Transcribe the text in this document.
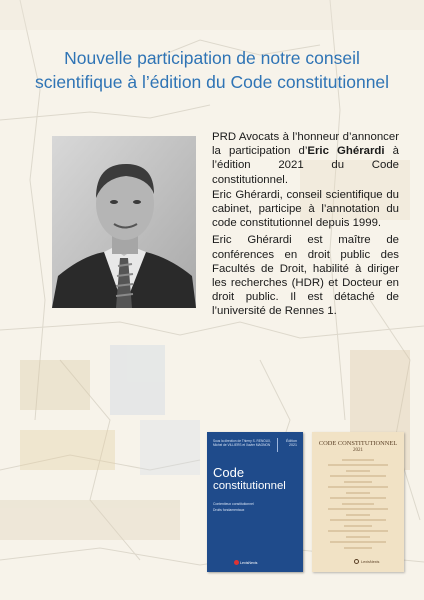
Nouvelle participation de notre conseil
scientifique à l’édition du Code constitutionnel

PRD Avocats à l’honneur d’annoncer la participation d’Eric Ghérardi à l’édition 2021 du Code constitutionnel.

Eric Ghérardi, conseil scientifique du cabinet, participe à l’annotation du code constitutionnel depuis 1999.

Eric Ghérardi est maître de conférences en droit public des Facultés de Droit, habilité à diriger les recherches (HDR) et Docteur en droit public. Il est détaché de l’université de Rennes 1.

Sous la direction de Thierry S. RENOUX, Michel de VILLIERS et Xavier MAGNON
Édition 2021
Code
constitutionnel
Contentieux constitutionnel
Droits fondamentaux
LexisNexis
CODE CONSTITUTIONNEL
2021
LexisNexis
